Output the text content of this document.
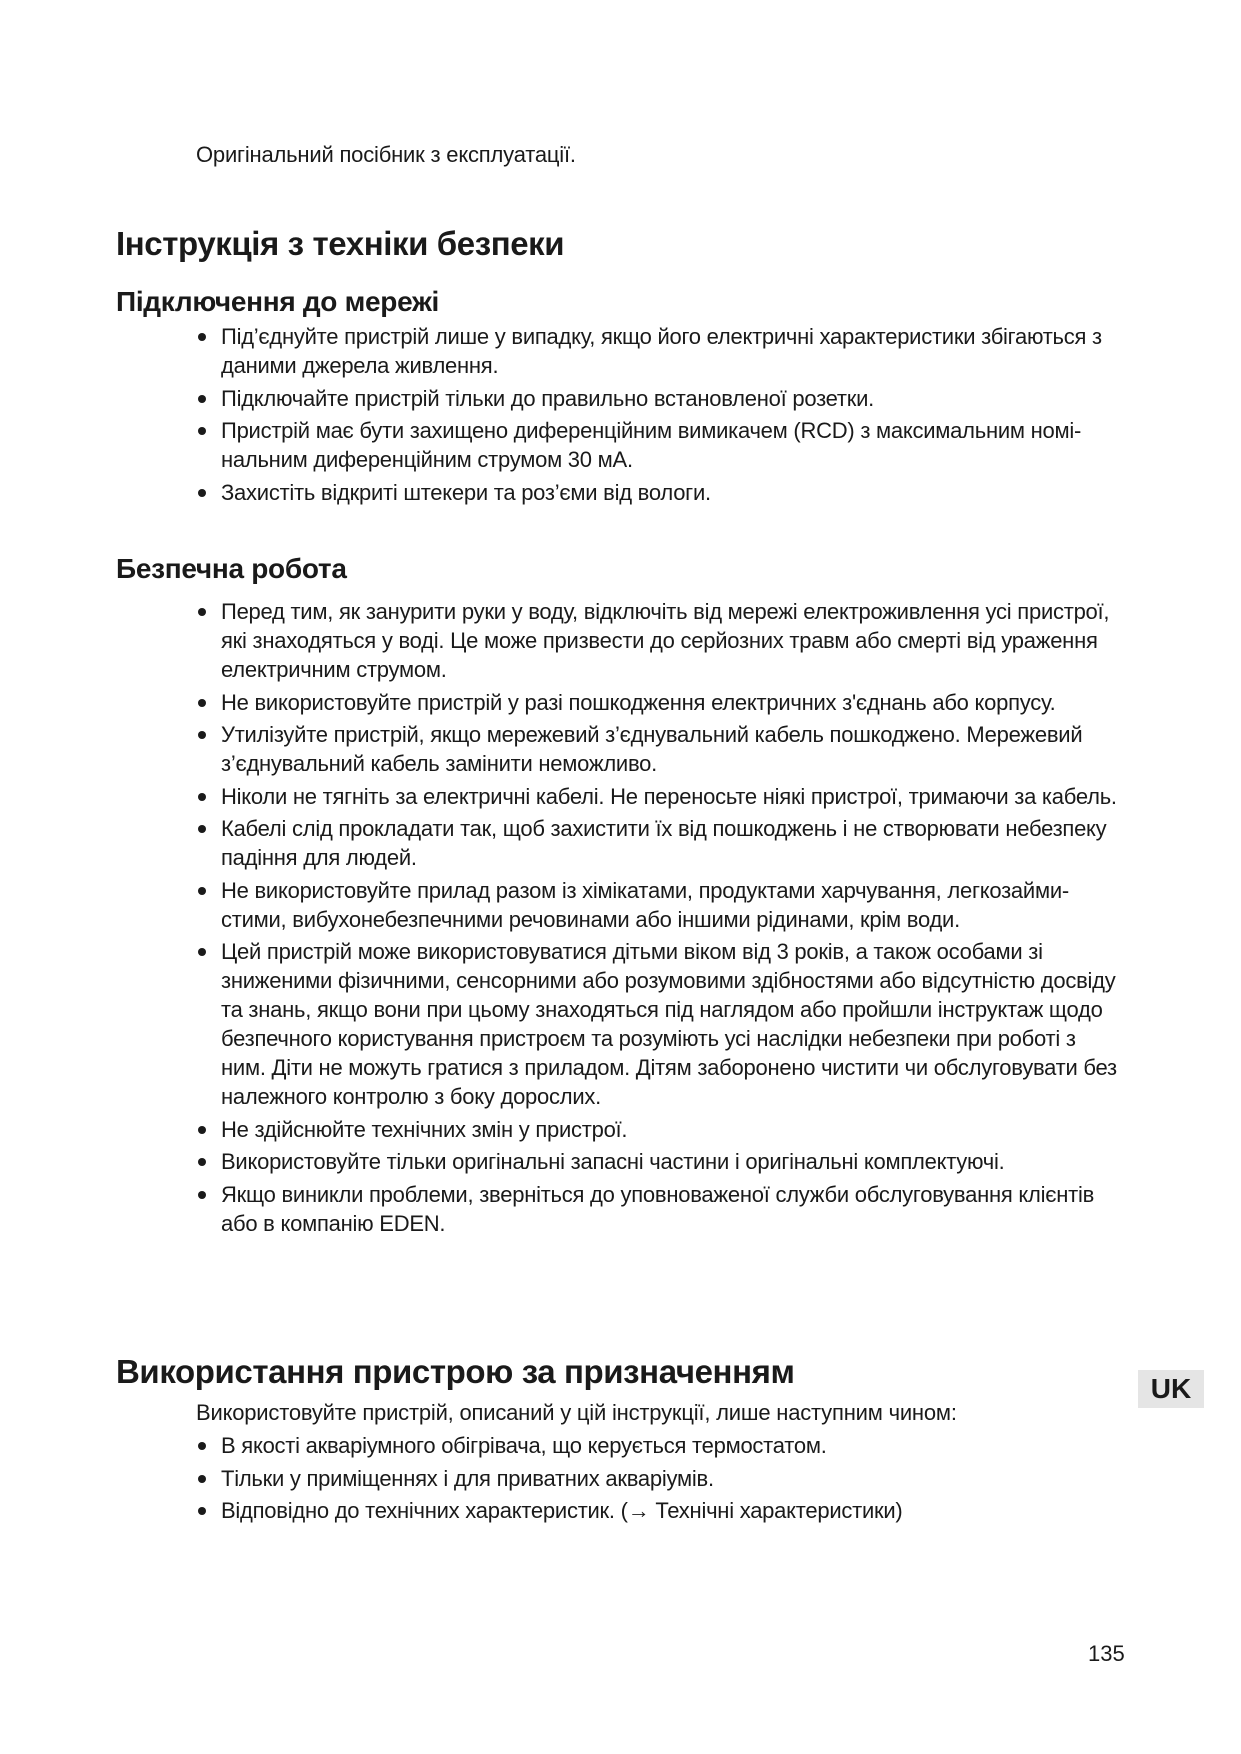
Оригінальний посібник з експлуатації.
Інструкція з техніки безпеки
Підключення до мережі
Під’єднуйте пристрій лише у випадку, якщо його електричні характеристики збігаються з даними джерела живлення.
Підключайте пристрій тільки до правильно встановленої розетки.
Пристрій має бути захищено диференційним вимикачем (RCD) з максимальним номінальним диференційним струмом 30 мА.
Захистіть відкриті штекери та роз’єми від вологи.
Безпечна робота
Перед тим, як занурити руки у воду, відключіть від мережі електроживлення усі пристрої, які знаходяться у воді. Це може призвести до серйозних травм або смерті від ураження електричним струмом.
Не використовуйте пристрій у разі пошкодження електричних з'єднань або корпусу.
Утилізуйте пристрій, якщо мережевий з’єднувальний кабель пошкоджено. Мережевий з’єднувальний кабель замінити неможливо.
Ніколи не тягніть за електричні кабелі. Не переносьте ніякі пристрої, тримаючи за кабель.
Кабелі слід прокладати так, щоб захистити їх від пошкоджень і не створювати небезпеку падіння для людей.
Не використовуйте прилад разом із хімікатами, продуктами харчування, легкозаймистими, вибухонебезпечними речовинами або іншими рідинами, крім води.
Цей пристрій може використовуватися дітьми віком від 3 років, а також особами зі зниженими фізичними, сенсорними або розумовими здібностями або відсутністю досвіду та знань, якщо вони при цьому знаходяться під наглядом або пройшли інструктаж щодо безпечного користування пристроєм та розуміють усі наслідки небезпеки при роботі з ним. Діти не можуть гратися з приладом. Дітям заборонено чистити чи обслуговувати без належного контролю з боку дорослих.
Не здійснюйте технічних змін у пристрої.
Використовуйте тільки оригінальні запасні частини і оригінальні комплектуючі.
Якщо виникли проблеми, зверніться до уповноваженої служби обслуговування клієнтів або в компанію EDEN.
Використання пристрою за призначенням	UK

Використовуйте пристрій, описаний у цій інструкції, лише наступним чином:

В якості акваріумного обігрівача, що керується термостатом.
Тільки у приміщеннях і для приватних акваріумів.
Відповідно до технічних характеристик. (→ Технічні характеристики)
135
